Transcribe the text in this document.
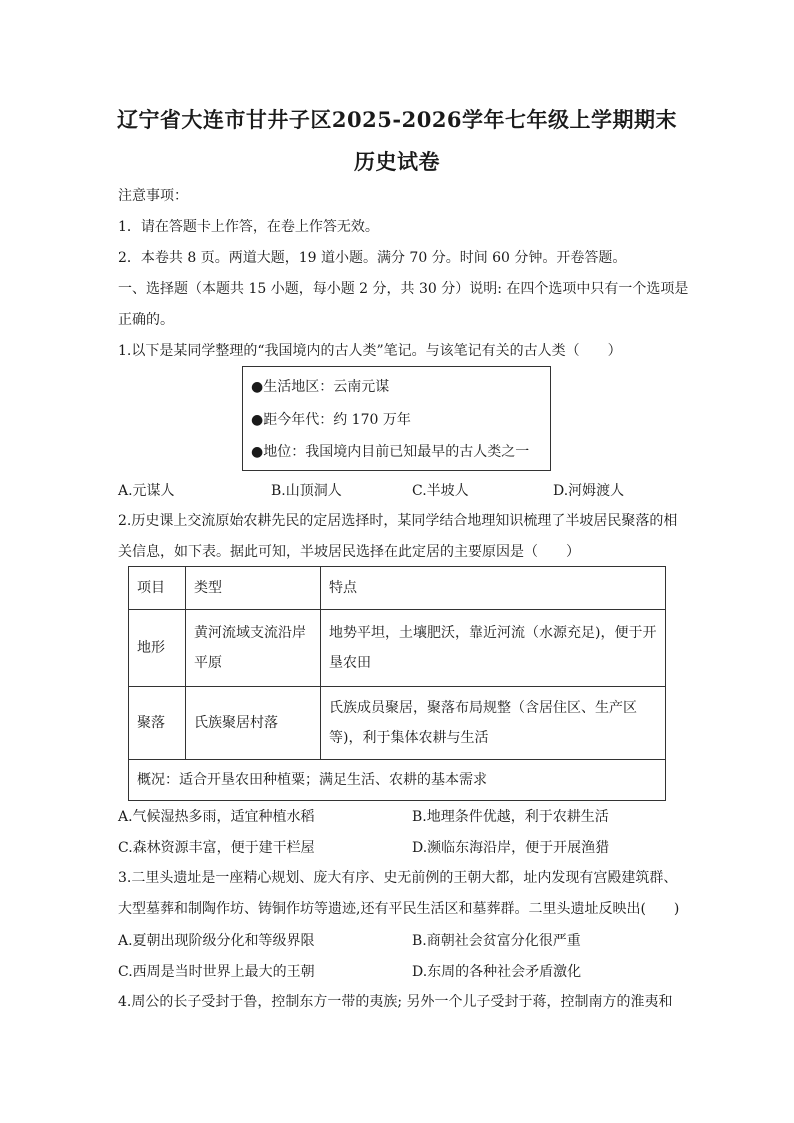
辽宁省大连市甘井子区2025-2026学年七年级上学期期末
历史试卷
注意事项：
1．请在答题卡上作答，在卷上作答无效。
2．本卷共 8 页。两道大题，19 道小题。满分 70 分。时间 60 分钟。开卷答题。
一、选择题（本题共 15 小题，每小题 2 分，共 30 分）说明: 在四个选项中只有一个选项是
正确的。
1.以下是某同学整理的“我国境内的古人类”笔记。与该笔记有关的古人类（　　）
●生活地区：云南元谋
●距今年代：约 170 万年
●地位：我国境内目前已知最早的古人类之一
A.元谋人	B.山顶洞人	C.半坡人	D.河姆渡人
2.历史课上交流原始农耕先民的定居选择时，某同学结合地理知识梳理了半坡居民聚落的相
关信息，如下表。据此可知，半坡居民选择在此定居的主要原因是（　　）
项目	类型	特点
地形	黄河流域支流沿岸平原	地势平坦，土壤肥沃，靠近河流（水源充足)，便于开垦农田
聚落	氏族聚居村落	氏族成员聚居，聚落布局规整（含居住区、生产区等)，利于集体农耕与生活
概况：适合开垦农田种植粟；满足生活、农耕的基本需求		
A.气候湿热多雨，适宜种植水稻	B.地理条件优越，利于农耕生活
C.森林资源丰富，便于建干栏屋	D.濒临东海沿岸，便于开展渔猎
3.二里头遗址是一座精心规划、庞大有序、史无前例的王朝大都，址内发现有宫殿建筑群、
大型墓葬和制陶作坊、铸铜作坊等遗迹,还有平民生活区和墓葬群。二里头遗址反映出(　　)
A.夏朝出现阶级分化和等级界限	B.商朝社会贫富分化很严重
C.西周是当时世界上最大的王朝	D.东周的各种社会矛盾激化
4.周公的长子受封于鲁，控制东方一带的夷族; 另外一个儿子受封于蒋，控制南方的淮夷和
